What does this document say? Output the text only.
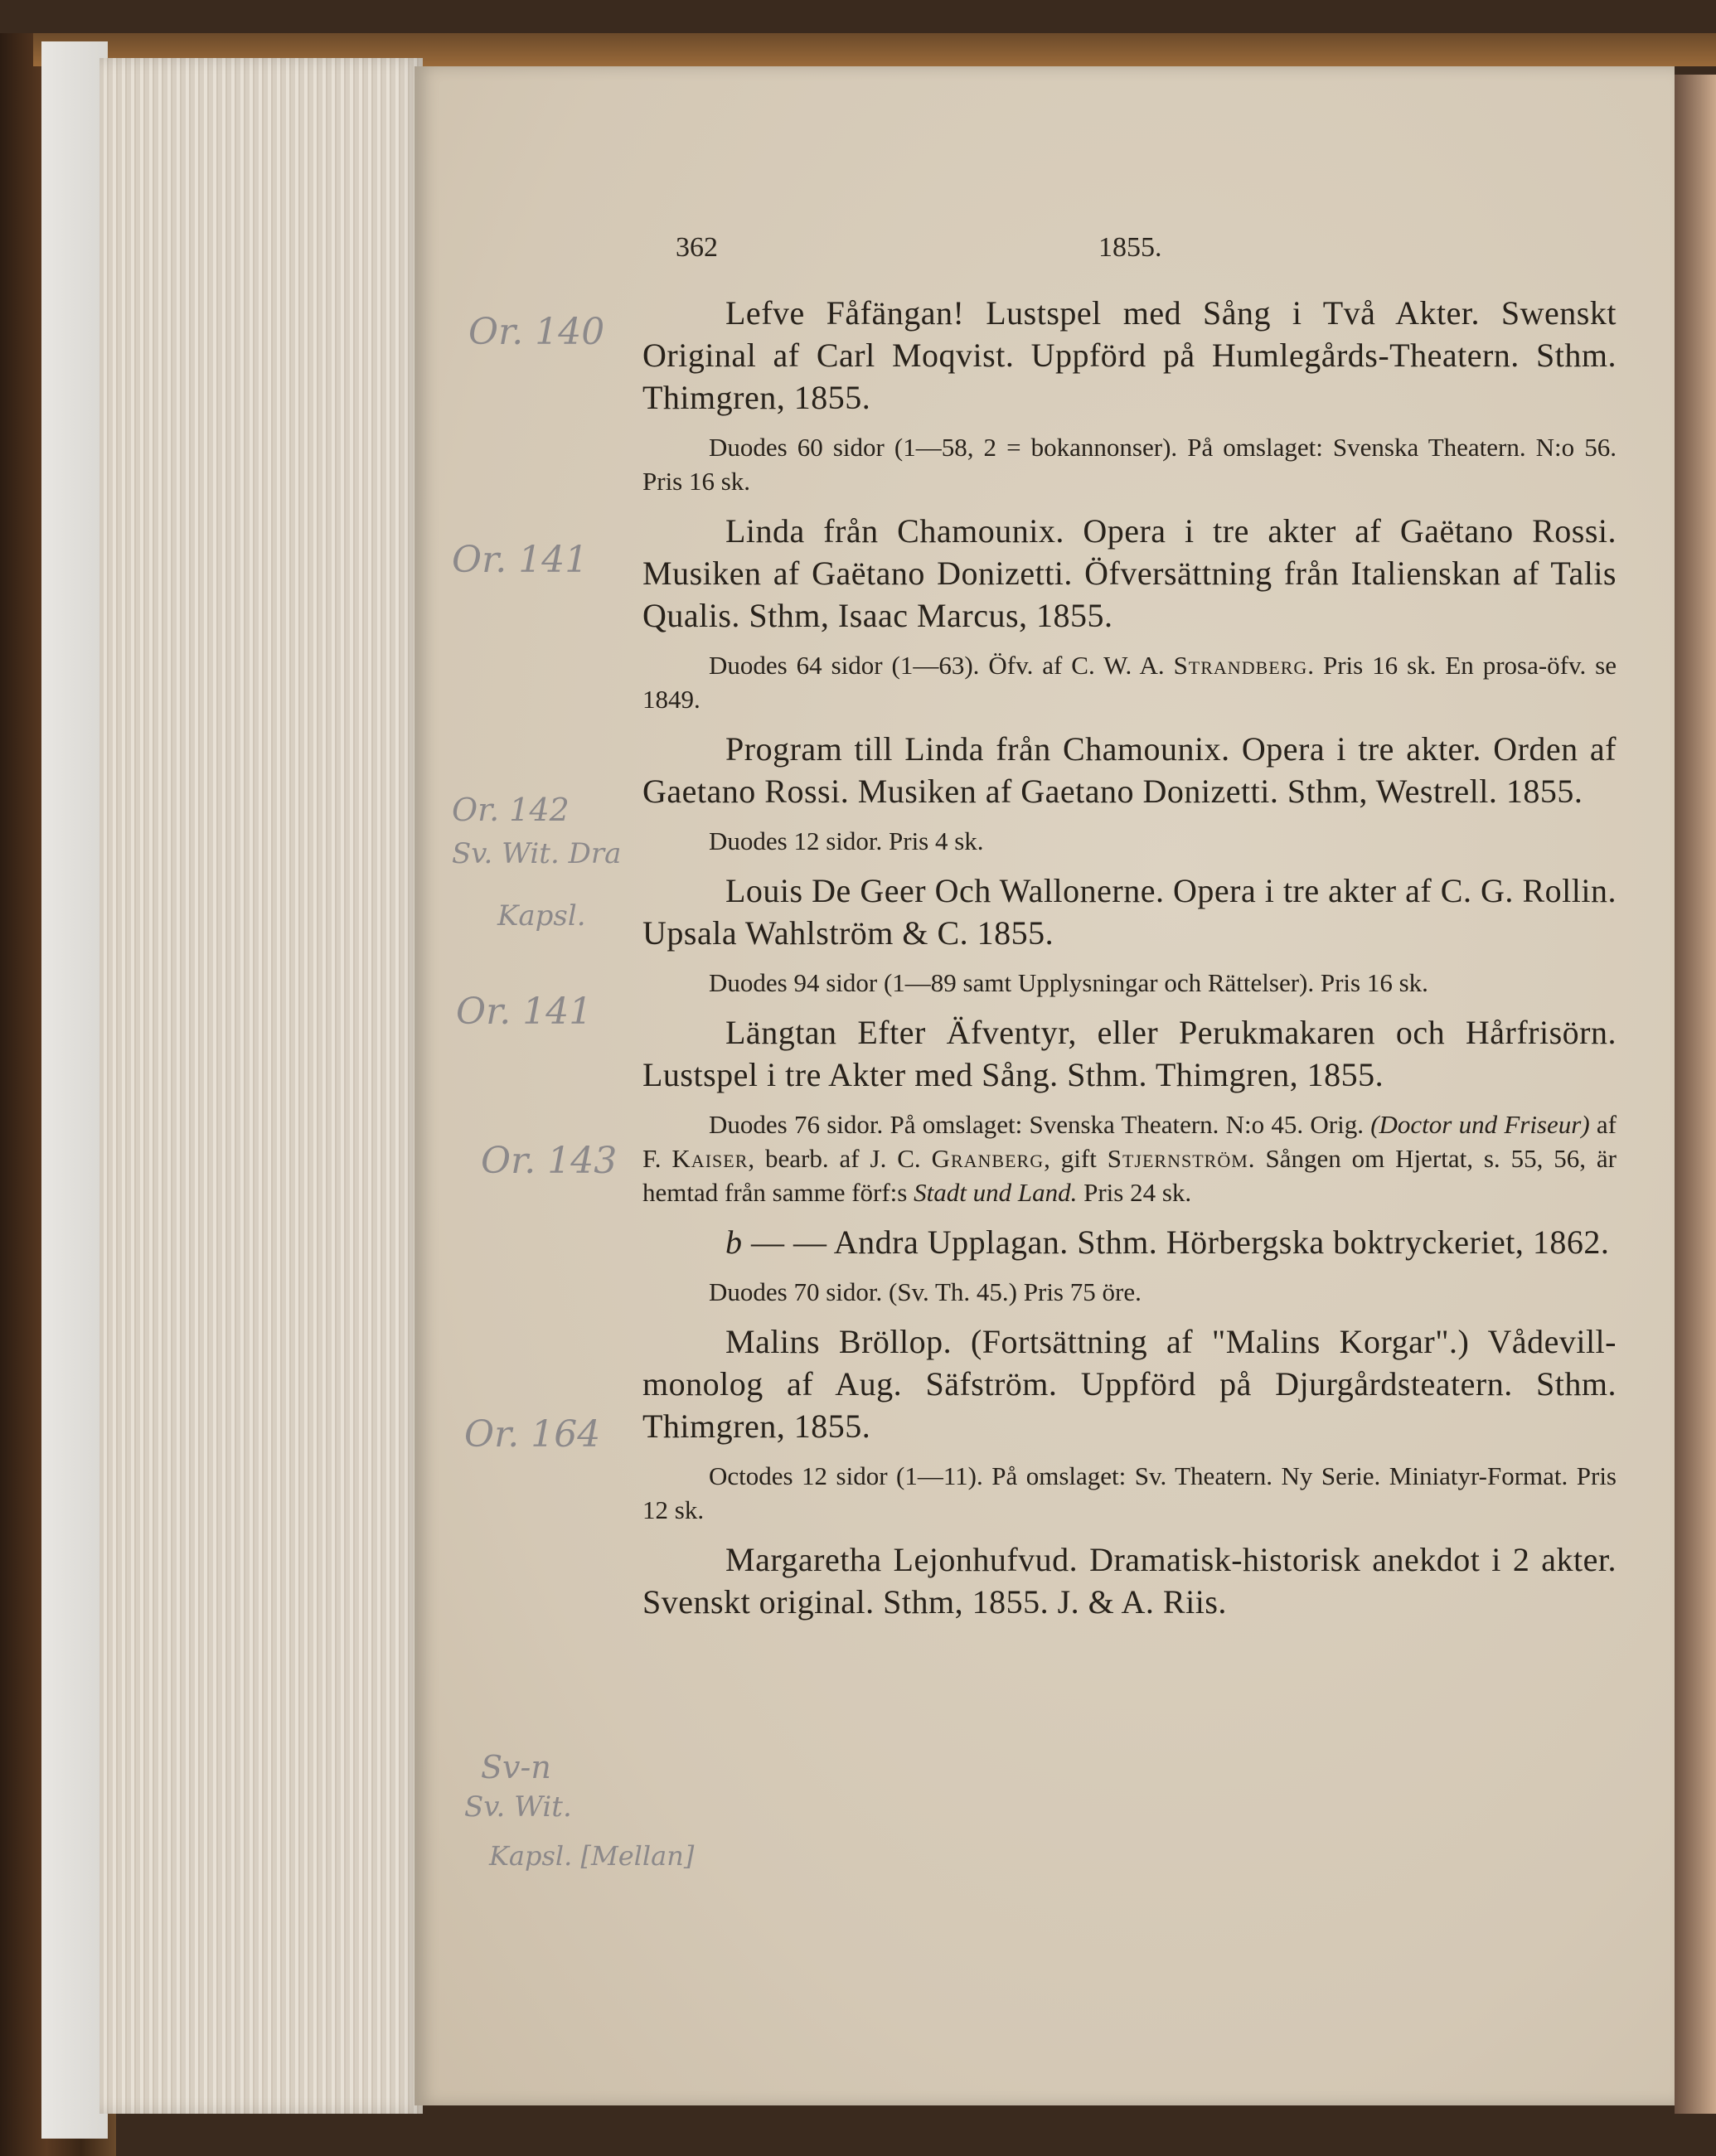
362	1855.
Or. 140
Or. 141
Or. 142
Sv. Wit. Dra
Kapsl.
Or. 141
Or. 143
Or. 164
Sv-n
Sv. Wit.
Kapsl. [Mellan]
Lefve Fåfängan! Lustspel med Sång i Två Akter. Swenskt Original af Carl Moqvist. Uppförd på Humlegårds-Theatern. Sthm. Thimgren, 1855.
Duodes 60 sidor (1—58, 2 = bokannonser). På omslaget: Svenska Theatern. N:o 56. Pris 16 sk.
Linda från Chamounix. Opera i tre akter af Gaëtano Rossi. Musiken af Gaëtano Donizetti. Öfversättning från Italienskan af Talis Qualis. Sthm, Isaac Marcus, 1855.
Duodes 64 sidor (1—63). Öfv. af C. W. A. Strandberg. Pris 16 sk. En prosa-öfv. se 1849.
Program till Linda från Chamounix. Opera i tre akter. Orden af Gaetano Rossi. Musiken af Gaetano Donizetti. Sthm, Westrell. 1855.
Duodes 12 sidor. Pris 4 sk.
Louis De Geer Och Wallonerne. Opera i tre akter af C. G. Rollin. Upsala Wahlström & C. 1855.
Duodes 94 sidor (1—89 samt Upplysningar och Rättelser). Pris 16 sk.
Längtan Efter Äfventyr, eller Perukmakaren och Hårfrisörn. Lustspel i tre Akter med Sång. Sthm. Thimgren, 1855.
Duodes 76 sidor. På omslaget: Svenska Theatern. N:o 45. Orig. (Doctor und Friseur) af F. Kaiser, bearb. af J. C. Granberg, gift Stjernström. Sången om Hjertat, s. 55, 56, är hemtad från samme förf:s Stadt und Land. Pris 24 sk.
b — — Andra Upplagan. Sthm. Hörbergska boktryckeriet, 1862.
Duodes 70 sidor. (Sv. Th. 45.) Pris 75 öre.
Malins Bröllop. (Fortsättning af "Malins Korgar".) Vådevill-monolog af Aug. Säfström. Uppförd på Djurgårdsteatern. Sthm. Thimgren, 1855.
Octodes 12 sidor (1—11). På omslaget: Sv. Theatern. Ny Serie. Miniatyr-Format. Pris 12 sk.
Margaretha Lejonhufvud. Dramatisk-historisk anekdot i 2 akter. Svenskt original. Sthm, 1855. J. & A. Riis.
